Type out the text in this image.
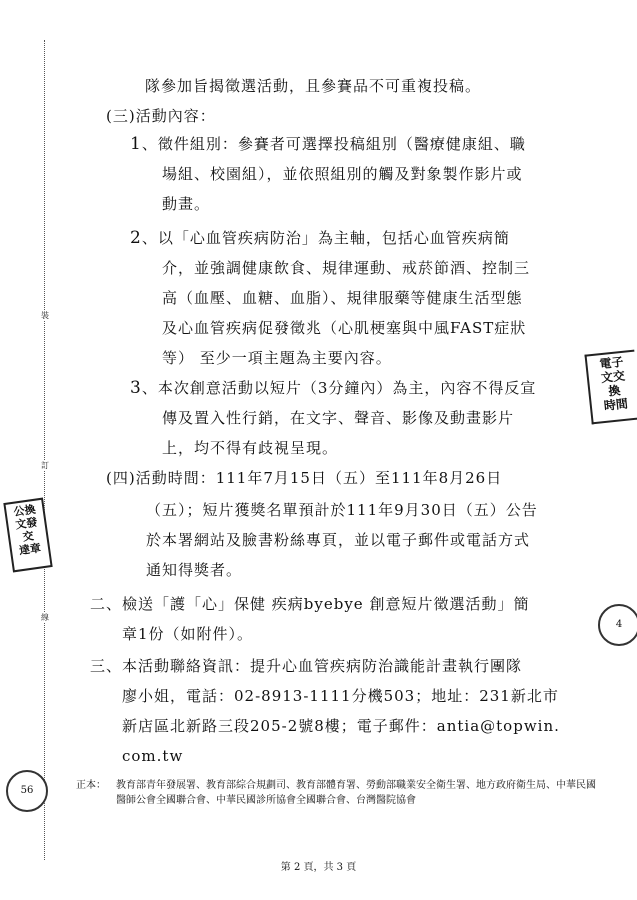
裝
訂
線
公換
文發
交
達章
電子
文交
換
時間
56
4
隊參加旨揭徵選活動，且參賽品不可重複投稿。
(三)活動內容：
1、徵件組別：參賽者可選擇投稿組別（醫療健康組、職
場組、校園組），並依照組別的觸及對象製作影片或
動畫。
2、以「心血管疾病防治」為主軸，包括心血管疾病簡
介，並強調健康飲食、規律運動、戒菸節酒、控制三
高（血壓、血糖、血脂）、規律服藥等健康生活型態
及心血管疾病促發徵兆（心肌梗塞與中風FAST症狀
等） 至少一項主題為主要內容。
3、本次創意活動以短片（3分鐘內）為主，內容不得反宣
傳及置入性行銷，在文字、聲音、影像及動畫影片
上，均不得有歧視呈現。
(四)活動時間：111年7月15日（五）至111年8月26日
（五）；短片獲獎名單預計於111年9月30日（五）公告
於本署網站及臉書粉絲專頁，並以電子郵件或電話方式
通知得獎者。
二、檢送「護「心」保健 疾病byebye 創意短片徵選活動」簡
章1份（如附件）。
三、本活動聯絡資訊：提升心血管疾病防治識能計畫執行團隊
廖小姐，電話：02-8913-1111分機503；地址：231新北市
新店區北新路三段205-2號8樓；電子郵件：antia@topwin.
com.tw
正本： 教育部青年發展署、教育部綜合規劃司、教育部體育署、勞動部職業安全衛生署、地方政府衛生局、中華民國醫師公會全國聯合會、中華民國診所協會全國聯合會、台灣醫院協會
第 2 頁，共 3 頁
